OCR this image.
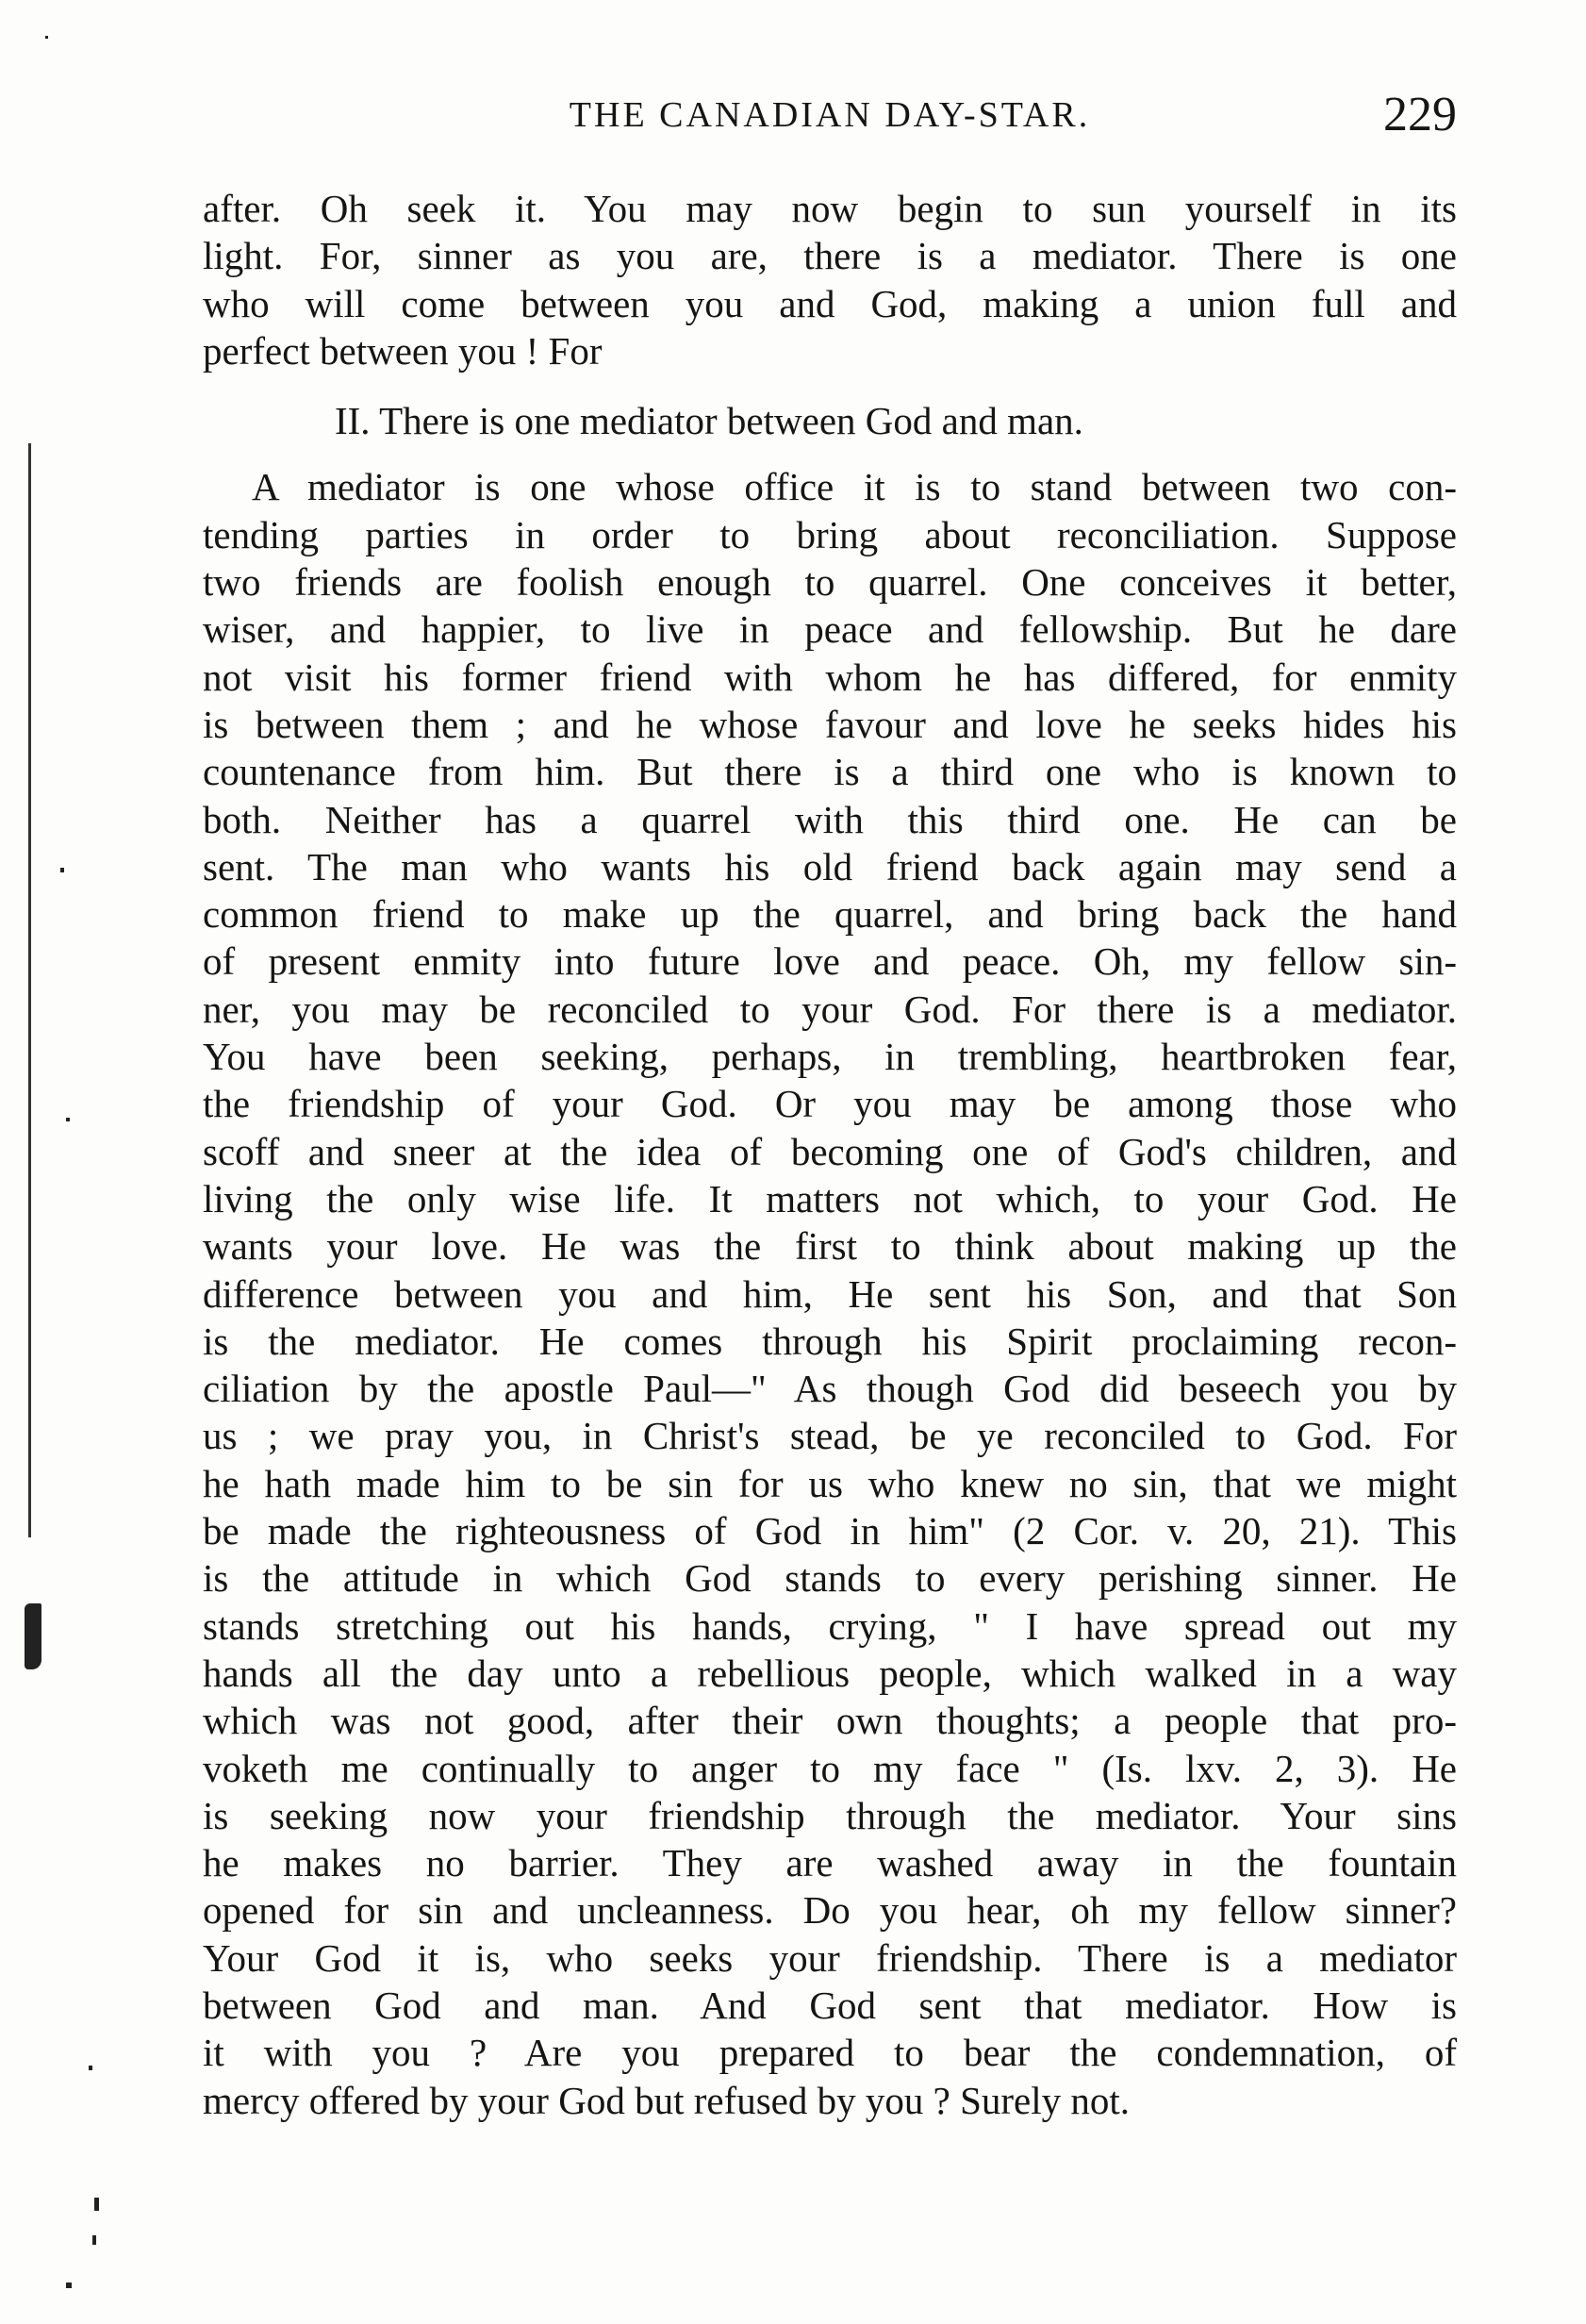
THE CANADIAN DAY-STAR.	229
after. Oh seek it. You may now begin to sun yourself in its
light. For, sinner as you are, there is a mediator. There is one
who will come between you and God, making a union full and
perfect between you ! For
II. There is one mediator between God and man.
A mediator is one whose office it is to stand between two con-
tending parties in order to bring about reconciliation. Suppose
two friends are foolish enough to quarrel. One conceives it better,
wiser, and happier, to live in peace and fellowship. But he dare
not visit his former friend with whom he has differed, for enmity
is between them ; and he whose favour and love he seeks hides his
countenance from him. But there is a third one who is known to
both. Neither has a quarrel with this third one. He can be
sent. The man who wants his old friend back again may send a
common friend to make up the quarrel, and bring back the hand
of present enmity into future love and peace. Oh, my fellow sin-
ner, you may be reconciled to your God. For there is a mediator.
You have been seeking, perhaps, in trembling, heartbroken fear,
the friendship of your God. Or you may be among those who
scoff and sneer at the idea of becoming one of God's children, and
living the only wise life. It matters not which, to your God. He
wants your love. He was the first to think about making up the
difference between you and him, He sent his Son, and that Son
is the mediator. He comes through his Spirit proclaiming recon-
ciliation by the apostle Paul—" As though God did beseech you by
us ; we pray you, in Christ's stead, be ye reconciled to God. For
he hath made him to be sin for us who knew no sin, that we might
be made the righteousness of God in him" (2 Cor. v. 20, 21). This
is the attitude in which God stands to every perishing sinner. He
stands stretching out his hands, crying, " I have spread out my
hands all the day unto a rebellious people, which walked in a way
which was not good, after their own thoughts; a people that pro-
voketh me continually to anger to my face " (Is. lxv. 2, 3). He
is seeking now your friendship through the mediator. Your sins
he makes no barrier. They are washed away in the fountain
opened for sin and uncleanness. Do you hear, oh my fellow sinner?
Your God it is, who seeks your friendship. There is a mediator
between God and man. And God sent that mediator. How is
it with you ? Are you prepared to bear the condemnation, of
mercy offered by your God but refused by you ? Surely not.
